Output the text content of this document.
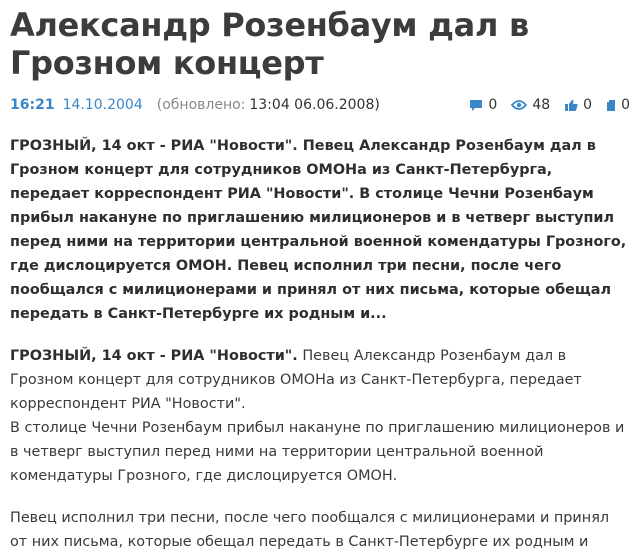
Александр Розенбаум дал в Грозном концерт
16:21 14.10.2004 (обновлено: 13:04 06.06.2008)	0	48 0 0
ГРОЗНЫЙ, 14 окт - РИА "Новости". Певец Александр Розенбаум дал в Грозном концерт для сотрудников ОМОНа из Санкт-Петербурга, передает корреспондент РИА "Новости". В столице Чечни Розенбаум прибыл накануне по приглашению милиционеров и в четверг выступил перед ними на территории центральной военной комендатуры Грозного, где дислоцируется ОМОН. Певец исполнил три песни, после чего пообщался с милиционерами и принял от них письма, которые обещал передать в Санкт-Петербурге их родным и...

ГРОЗНЫЙ, 14 окт - РИА "Новости". Певец Александр Розенбаум дал в Грозном концерт для сотрудников ОМОНа из Санкт-Петербурга, передает корреспондент РИА "Новости".

В столице Чечни Розенбаум прибыл накануне по приглашению милиционеров и в четверг выступил перед ними на территории центральной военной комендатуры Грозного, где дислоцируется ОМОН.

Певец исполнил три песни, после чего пообщался с милиционерами и принял от них письма, которые обещал передать в Санкт-Петербурге их родным и
